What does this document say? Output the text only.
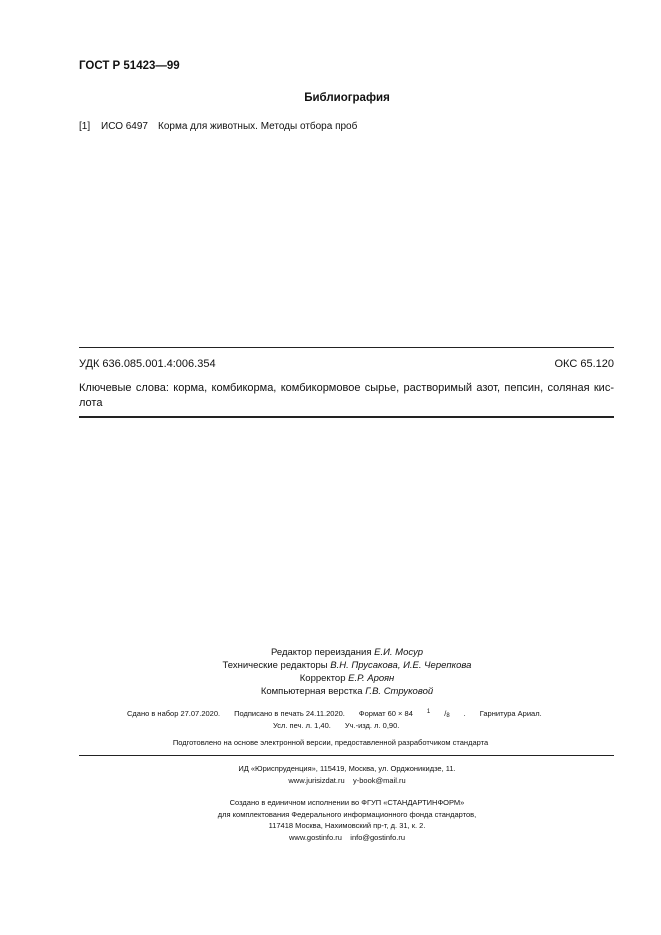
ГОСТ Р 51423—99
Библиография
[1] ИСО 6497 Корма для животных. Методы отбора проб
УДК 636.085.001.4:006.354	ОКС 65.120
Ключевые слова: корма, комбикорма, комбикормовое сырье, растворимый азот, пепсин, соляная кис-
лота
Редактор переиздания Е.И. Мосур
Технические редакторы В.Н. Прусакова, И.Е. Черепкова
Корректор Е.Р. Ароян
Компьютерная верстка Г.В. Струковой
Сдано в набор 27.07.2020. Подписано в печать 24.11.2020. Формат 60 × 84 $^1$ /8 . Гарнитура Ариал.
Усл. печ. л. 1,40. Уч.-изд. л. 0,90.
Подготовлено на основе электронной версии, предоставленной разработчиком стандарта
ИД «Юриспруденция», 115419, Москва, ул. Орджоникидзе, 11.
www.jurisizdat.ru y-book@mail.ru
Создано в единичном исполнении во ФГУП «СТАНДАРТИНФОРМ»
для комплектования Федерального информационного фонда стандартов,
117418 Москва, Нахимовский пр-т, д. 31, к. 2.
www.gostinfo.ru info@gostinfo.ru
